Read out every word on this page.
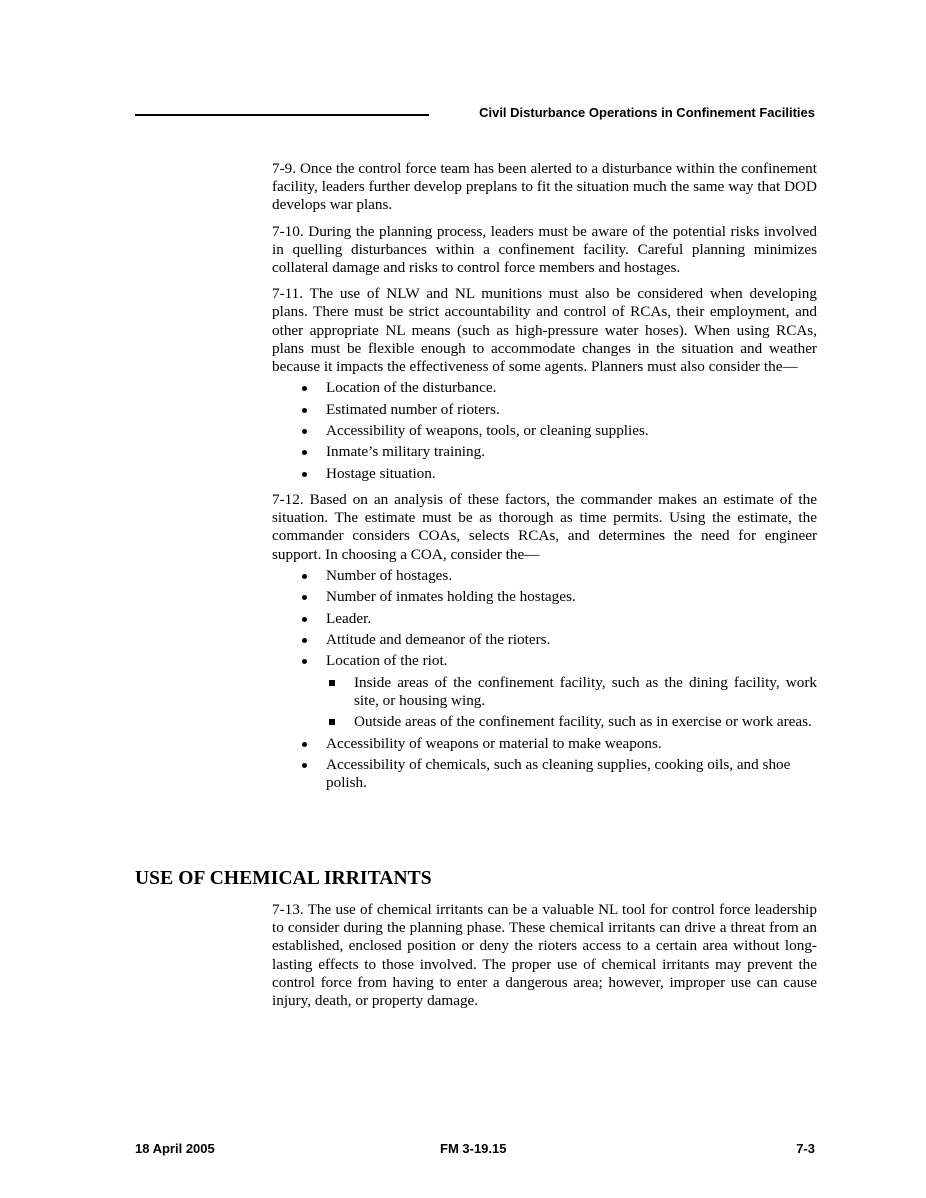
Civil Disturbance Operations in Confinement Facilities

7-9. Once the control force team has been alerted to a disturbance within the confinement facility, leaders further develop preplans to fit the situation much the same way that DOD develops war plans.

7-10. During the planning process, leaders must be aware of the potential risks involved in quelling disturbances within a confinement facility. Careful planning minimizes collateral damage and risks to control force members and hostages.

7-11. The use of NLW and NL munitions must also be considered when developing plans. There must be strict accountability and control of RCAs, their employment, and other appropriate NL means (such as high-pressure water hoses). When using RCAs, plans must be flexible enough to accommodate changes in the situation and weather because it impacts the effectiveness of some agents. Planners must also consider the—

Location of the disturbance.
Estimated number of rioters.
Accessibility of weapons, tools, or cleaning supplies.
Inmate’s military training.
Hostage situation.

7-12. Based on an analysis of these factors, the commander makes an estimate of the situation. The estimate must be as thorough as time permits. Using the estimate, the commander considers COAs, selects RCAs, and determines the need for engineer support. In choosing a COA, consider the—

Number of hostages.
Number of inmates holding the hostages.
Leader.
Attitude and demeanor of the rioters.
Location of the riot.
Inside areas of the confinement facility, such as the dining facility, work site, or housing wing.
Outside areas of the confinement facility, such as in exercise or work areas.
Accessibility of weapons or material to make weapons.
Accessibility of chemicals, such as cleaning supplies, cooking oils, and shoe polish.
USE OF CHEMICAL IRRITANTS

7-13. The use of chemical irritants can be a valuable NL tool for control force leadership to consider during the planning phase. These chemical irritants can drive a threat from an established, enclosed position or deny the rioters access to a certain area without long-lasting effects to those involved. The proper use of chemical irritants may prevent the control force from having to enter a dangerous area; however, improper use can cause injury, death, or property damage.

18 April 2005	FM 3-19.15	7-3
